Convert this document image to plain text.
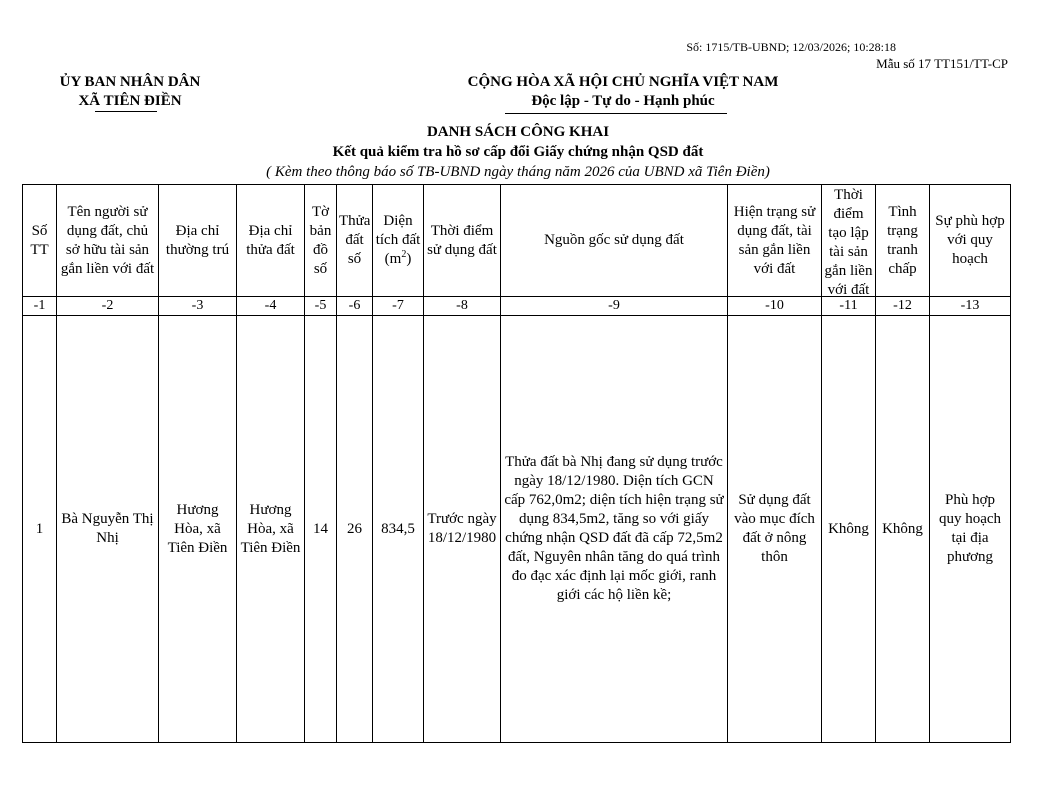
Số: 1715/TB-UBND; 12/03/2026; 10:28:18
Mẫu số 17 TT151/TT-CP
ỦY BAN NHÂN DÂN
XÃ TIÊN ĐIỀN
CỘNG HÒA XÃ HỘI CHỦ NGHĨA VIỆT NAM
Độc lập - Tự do - Hạnh phúc
DANH SÁCH CÔNG KHAI
Kết quả kiểm tra hồ sơ cấp đổi Giấy chứng nhận QSD đất
( Kèm theo thông báo số TB-UBND ngày tháng năm 2026 của UBND xã Tiên Điền)
Số TT	Tên người sử dụng đất, chủ sở hữu tài sản gắn liền với đất	Địa chỉ thường trú	Địa chỉ thửa đất	Tờ bản đồ số	Thửa đất số	Diện tích đất $(m^2)$	Thời điểm sử dụng đất	Nguồn gốc sử dụng đất	Hiện trạng sử dụng đất, tài sản gắn liền với đất	Thời điểm tạo lập tài sản gắn liền với đất	Tình trạng tranh chấp	Sự phù hợp với quy hoạch

-1	-2	-3	-4	-5	-6	-7	-8	-9	-10	-11	-12	-13
1	Bà Nguyễn Thị Nhị	Hương Hòa, xã Tiên Điền	Hương Hòa, xã Tiên Điền	14	26	834,5	Trước ngày 18/12/1980	Thửa đất bà Nhị đang sử dụng trước ngày 18/12/1980. Diện tích GCN cấp 762,0m2; diện tích hiện trạng sử dụng 834,5m2, tăng so với giấy chứng nhận QSD đất đã cấp 72,5m2 đất, Nguyên nhân tăng do quá trình đo đạc xác định lại mốc giới, ranh giới các hộ liền kề;	Sử dụng đất vào mục đích đất ở nông thôn	Không	Không	Phù hợp quy hoạch tại địa phương
